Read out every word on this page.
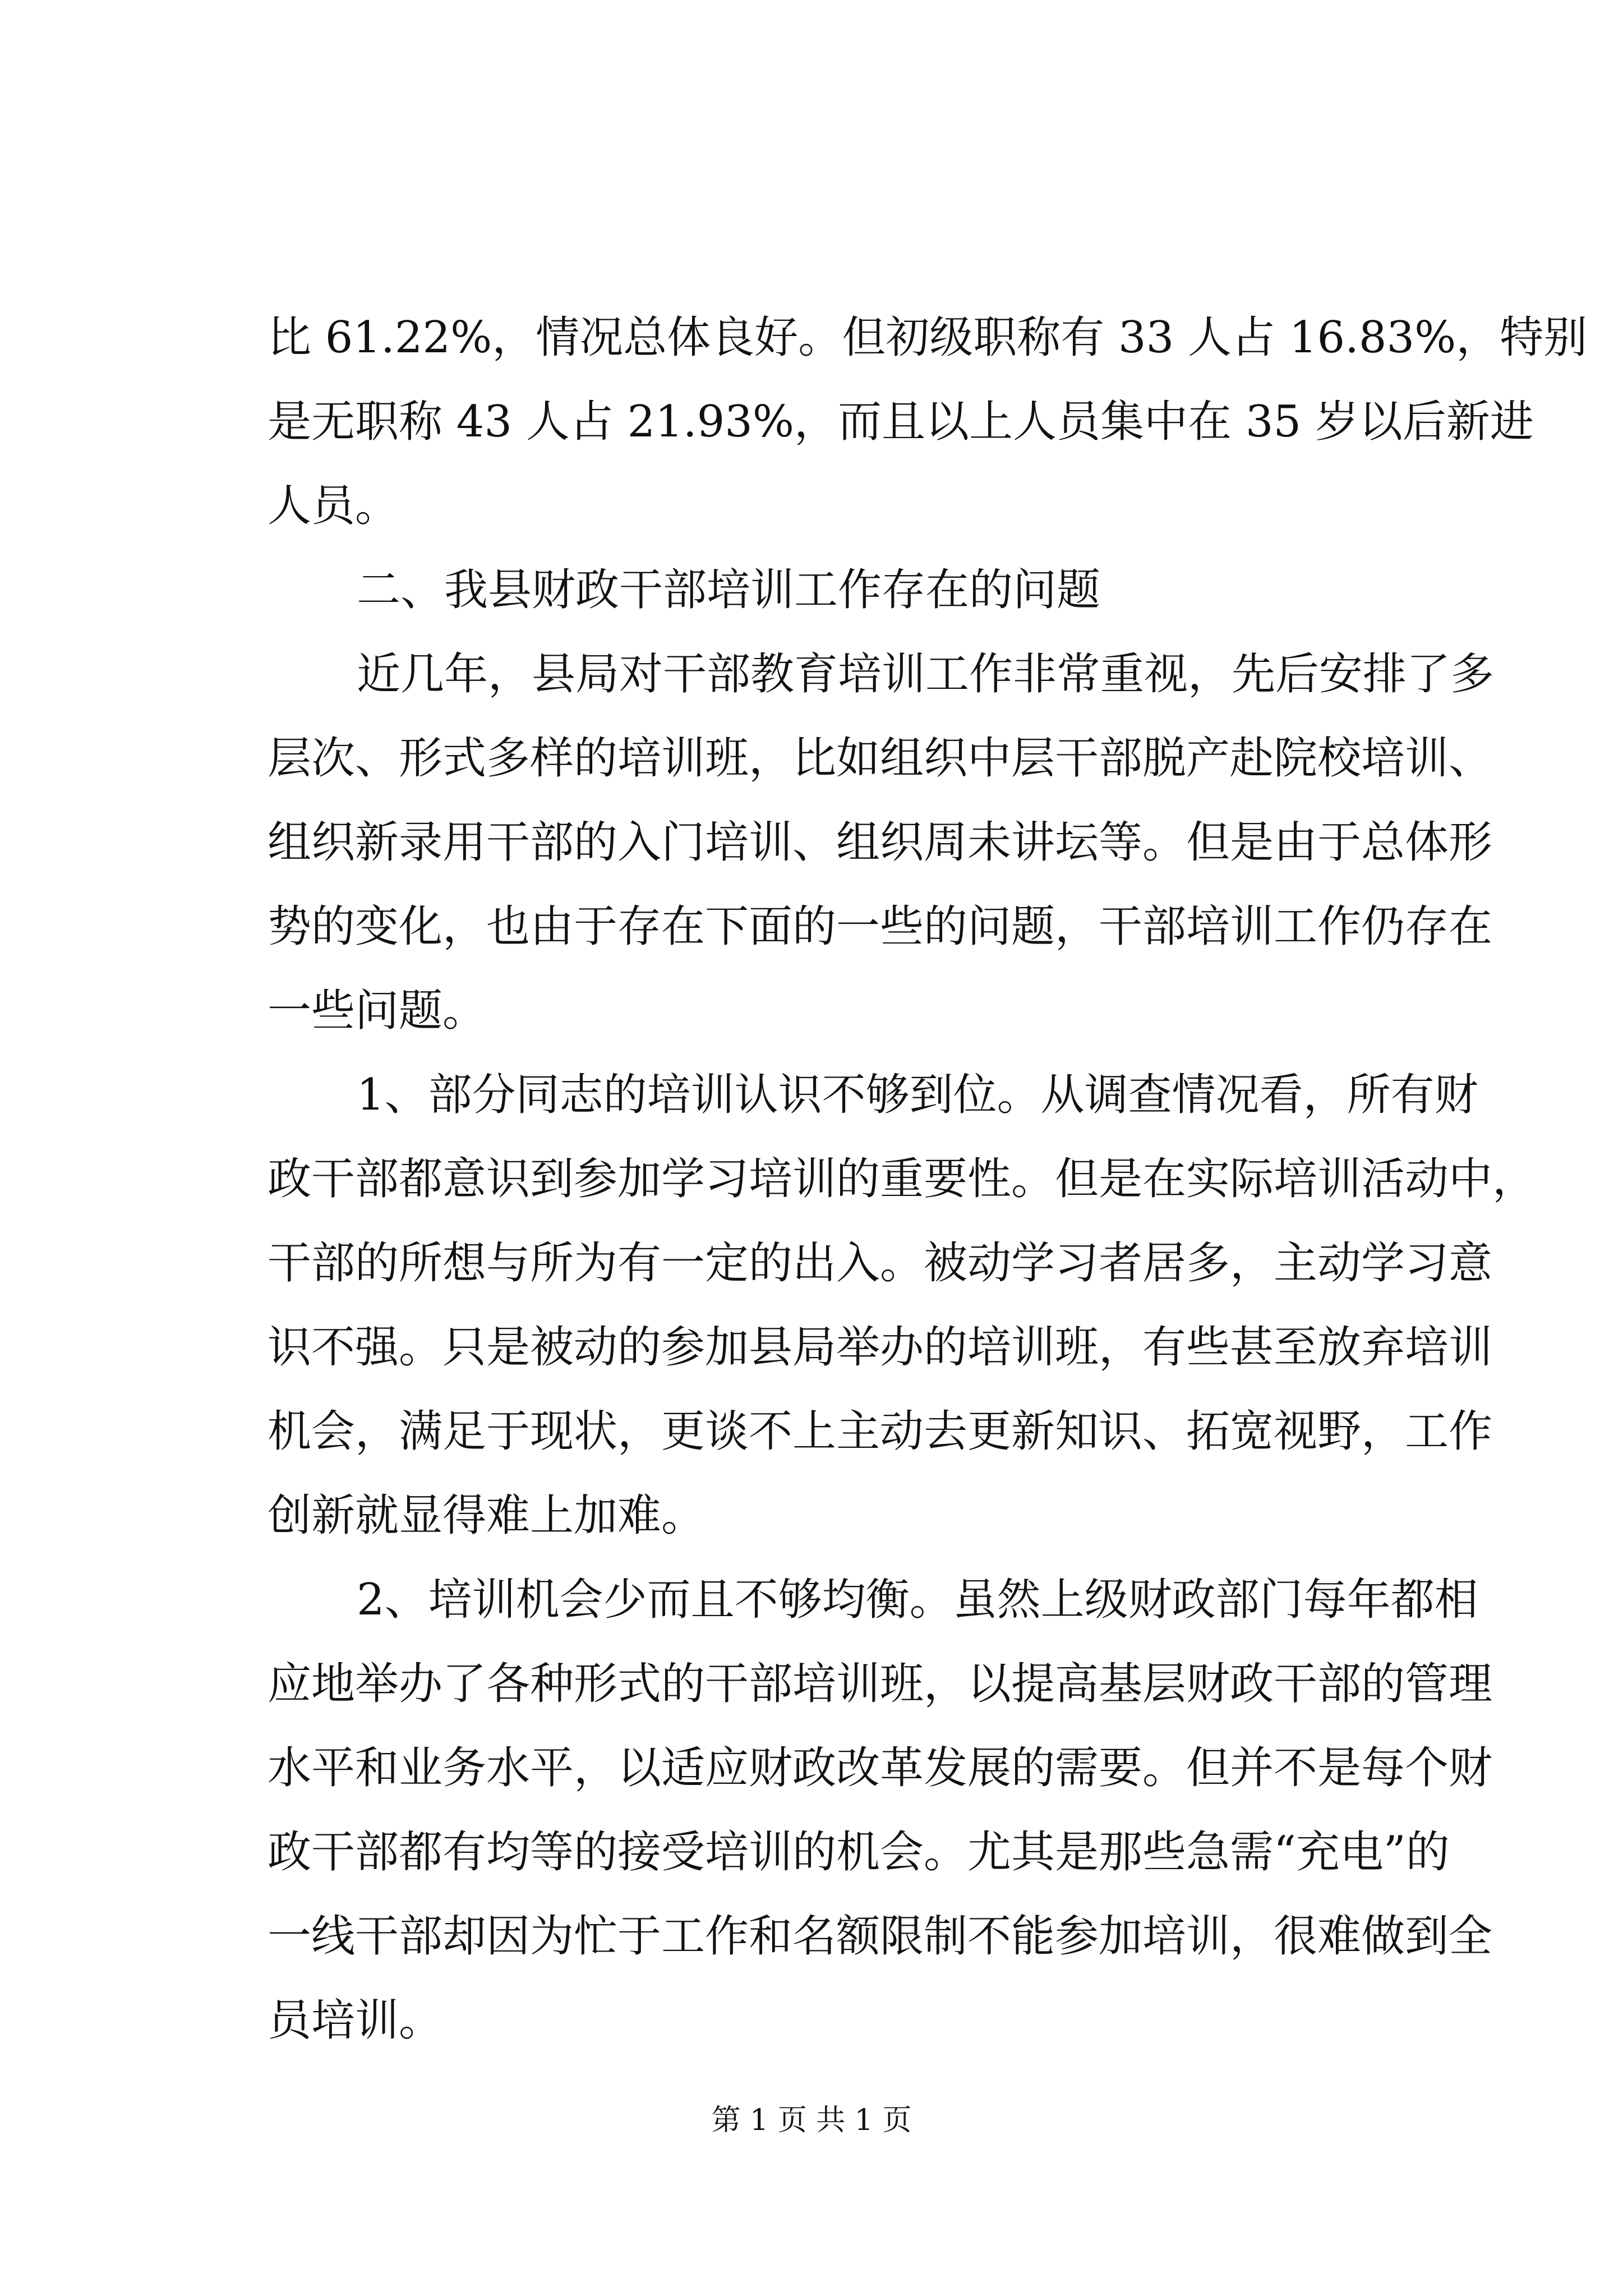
比 61.22%，情况总体良好。但初级职称有 33 人占 16.83%，特别
是无职称 43 人占 21.93%，而且以上人员集中在 35 岁以后新进
人员。
二、我县财政干部培训工作存在的问题
近几年，县局对干部教育培训工作非常重视，先后安排了多
层次、形式多样的培训班，比如组织中层干部脱产赴院校培训、
组织新录用干部的入门培训、组织周未讲坛等。但是由于总体形
势的变化，也由于存在下面的一些的问题，干部培训工作仍存在
一些问题。
1、部分同志的培训认识不够到位。从调查情况看，所有财
政干部都意识到参加学习培训的重要性。但是在实际培训活动中，
干部的所想与所为有一定的出入。被动学习者居多，主动学习意
识不强。只是被动的参加县局举办的培训班，有些甚至放弃培训
机会，满足于现状，更谈不上主动去更新知识、拓宽视野，工作
创新就显得难上加难。
2、培训机会少而且不够均衡。虽然上级财政部门每年都相
应地举办了各种形式的干部培训班，以提高基层财政干部的管理
水平和业务水平，以适应财政改革发展的需要。但并不是每个财
政干部都有均等的接受培训的机会。尤其是那些急需“充电”的
一线干部却因为忙于工作和名额限制不能参加培训，很难做到全
员培训。
第 1 页 共 1 页
